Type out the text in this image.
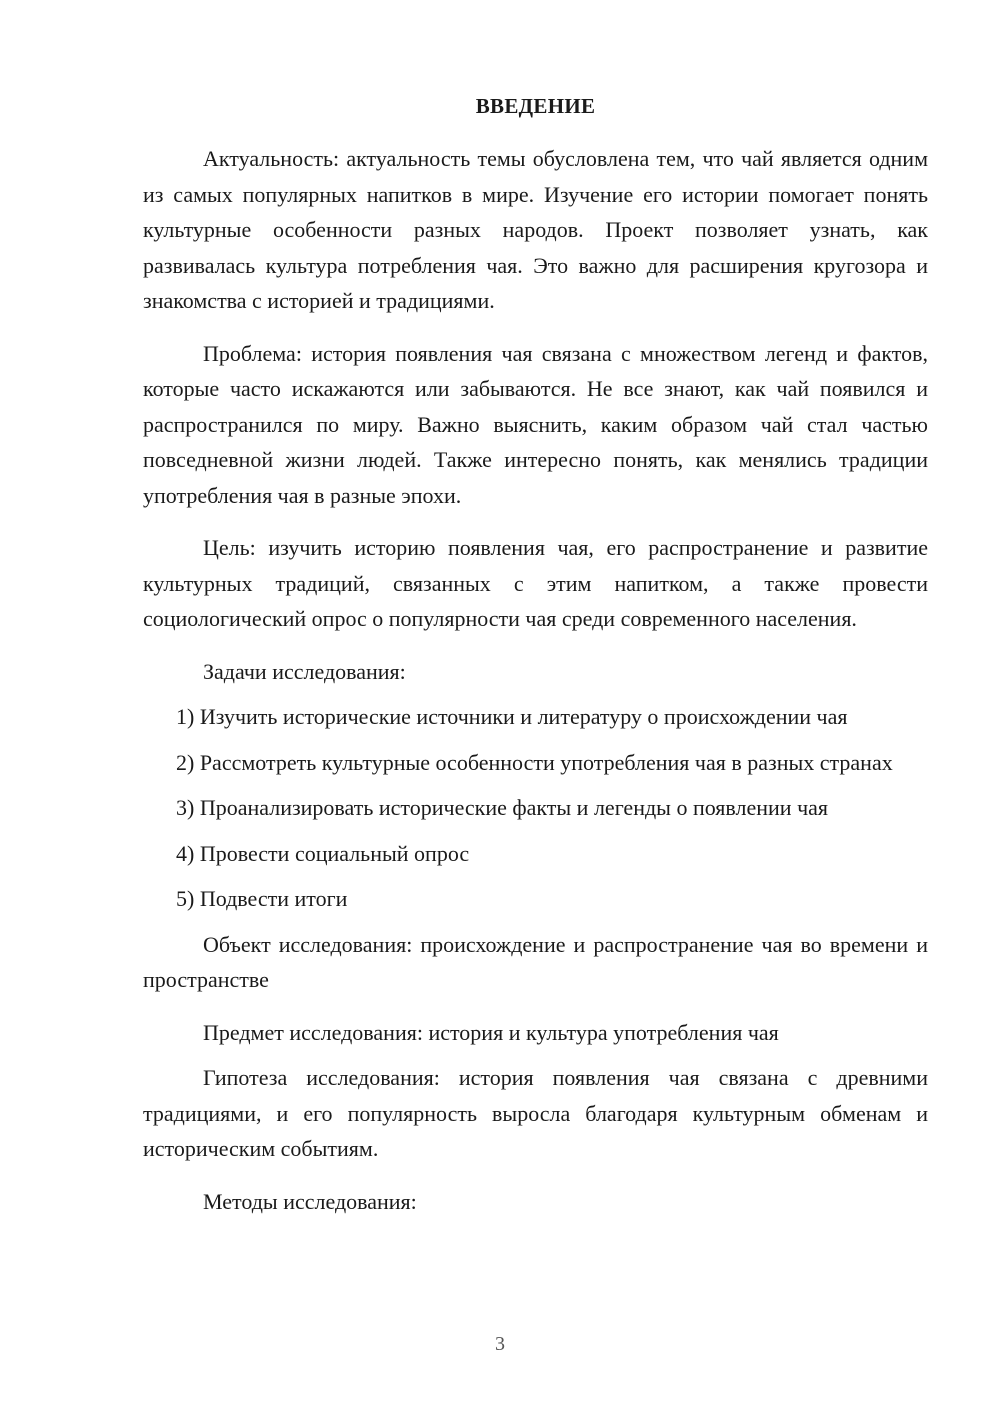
ВВЕДЕНИЕ

Актуальность: актуальность темы обусловлена тем, что чай является одним из самых популярных напитков в мире. Изучение его истории помогает понять культурные особенности разных народов. Проект позволяет узнать, как развивалась культура потребления чая. Это важно для расширения кругозора и знакомства с историей и традициями.

Проблема: история появления чая связана с множеством легенд и фактов, которые часто искажаются или забываются. Не все знают, как чай появился и распространился по миру. Важно выяснить, каким образом чай стал частью повседневной жизни людей. Также интересно понять, как менялись традиции употребления чая в разные эпохи.

Цель: изучить историю появления чая, его распространение и развитие культурных традиций, связанных с этим напитком, а также провести социологический опрос о популярности чая среди современного населения.

Задачи исследования:

1) Изучить исторические источники и литературу о происхождении чая

2) Рассмотреть культурные особенности употребления чая в разных странах

3) Проанализировать исторические факты и легенды о появлении чая

4) Провести социальный опрос

5) Подвести итоги

Объект исследования: происхождение и распространение чая во времени и пространстве

Предмет исследования: история и культура употребления чая

Гипотеза исследования: история появления чая связана с древними традициями, и его популярность выросла благодаря культурным обменам и историческим событиям.

Методы исследования:

3
